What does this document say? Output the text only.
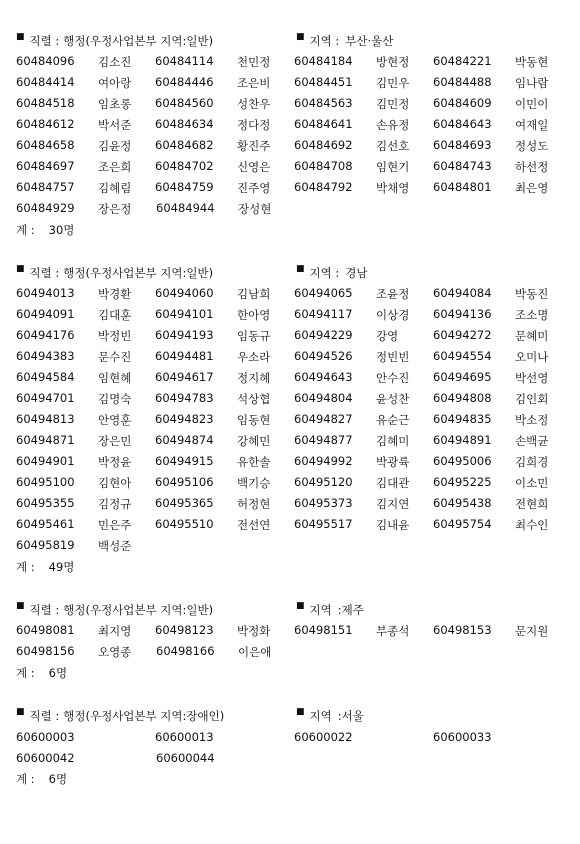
■ 직렬 : 행정(우정사업본부 지역:일반)	■ 지역 : 부산·울산
60484096	김소진	60484114	천민정	60484184	방현정	60484221	박동현
60484414	여아랑	60484446	조은비	60484451	김민우	60484488	임나람
60484518	임초롱	60484560	성찬우	60484563	김민정	60484609	이민이
60484612	박서준	60484634	정다정	60484641	손유정	60484643	여재일
60484658	김윤정	60484682	황진주	60484692	김선호	60484693	정성도
60484697	조은희	60484702	신영은	60484708	임현기	60484743	하선정
60484757	김혜림	60484759	진주영	60484792	박채영	60484801	최은영
60484929	장은정	60484944	장성현
계 : 30명
■ 직렬 : 행정(우정사업본부 지역:일반)	■ 지역 : 경남
60494013	박경환	60494060	김남희	60494065	조윤정	60494084	박동진
60494091	김대훈	60494101	한아영	60494117	이상경	60494136	조소명
60494176	박정빈	60494193	임동규	60494229	강영	60494272	문혜미
60494383	문수진	60494481	우소라	60494526	정빈빈	60494554	오미나
60494584	임현혜	60494617	정지혜	60494643	안수진	60494695	박선영
60494701	김명숙	60494783	석상협	60494804	윤성찬	60494808	김인회
60494813	안영훈	60494823	임동현	60494827	유순근	60494835	박소정
60494871	장은민	60494874	강혜민	60494877	김혜미	60494891	손백균
60494901	박정윤	60494915	유한솔	60494992	박광륙	60495006	김희경
60495100	김현아	60495106	백기승	60495120	김대관	60495225	이소민
60495355	김정규	60495365	허정현	60495373	김지연	60495438	전현희
60495461	민은주	60495510	전선연	60495517	김내윤	60495754	최수인
60495819	백성준
계 : 49명
■ 직렬 : 행정(우정사업본부 지역:일반)	■ 지역 :제주
60498081	최지영	60498123	박정화	60498151	부종석	60498153	문지원
60498156	오영종	60498166	이은애
계 : 6명
■ 직렬 : 행정(우정사업본부 지역:장애인)	■ 지역 :서울
60600003	60600013	60600022	60600033
60600042	60600044
계 : 6명
